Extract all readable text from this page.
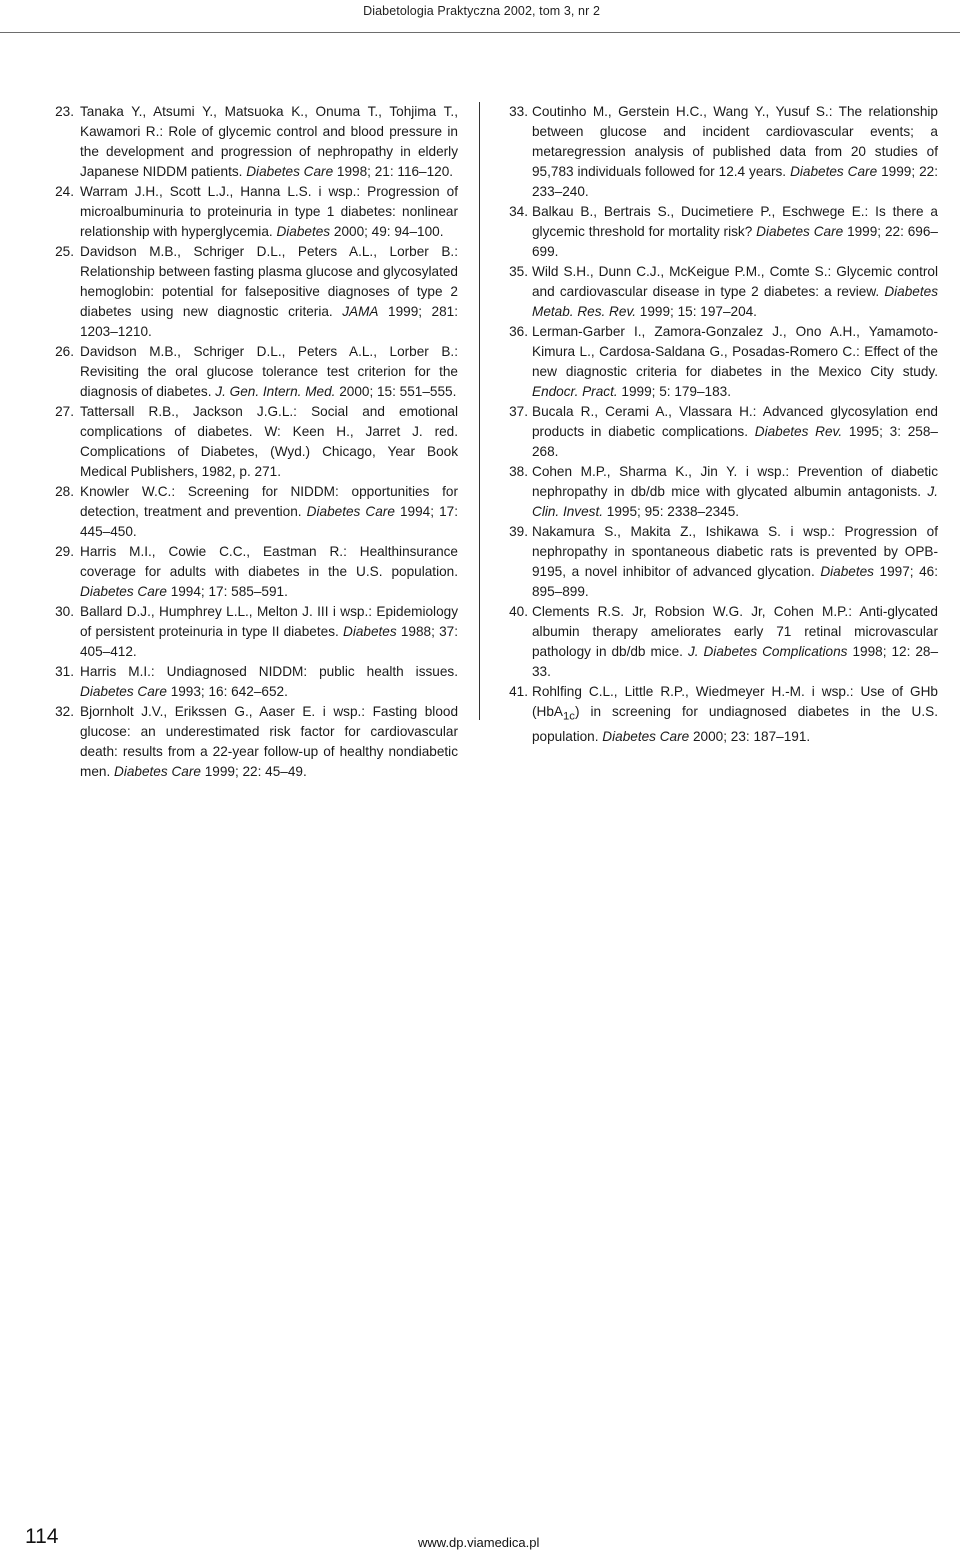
Diabetologia Praktyczna 2002, tom 3, nr 2

23. Tanaka Y., Atsumi Y., Matsuoka K., Onuma T., Tohjima T., Kawamori R.: Role of glycemic control and blood pressure in the development and progression of nephropathy in elderly Japanese NIDDM patients. Diabetes Care 1998; 21: 116–120.

24. Warram J.H., Scott L.J., Hanna L.S. i wsp.: Progression of microalbuminuria to proteinuria in type 1 diabetes: nonlinear relationship with hyperglycemia. Diabetes 2000; 49: 94–100.

25. Davidson M.B., Schriger D.L., Peters A.L., Lorber B.: Relationship between fasting plasma glucose and glycosylated hemoglobin: potential for falsepositive diagnoses of type 2 diabetes using new diagnostic criteria. JAMA 1999; 281: 1203–1210.

26. Davidson M.B., Schriger D.L., Peters A.L., Lorber B.: Revisiting the oral glucose tolerance test criterion for the diagnosis of diabetes. J. Gen. Intern. Med. 2000; 15: 551–555.

27. Tattersall R.B., Jackson J.G.L.: Social and emotional complications of diabetes. W: Keen H., Jarret J. red. Complications of Diabetes, (Wyd.) Chicago, Year Book Medical Publishers, 1982, p. 271.

28. Knowler W.C.: Screening for NIDDM: opportunities for detection, treatment and prevention. Diabetes Care 1994; 17: 445–450.

29. Harris M.I., Cowie C.C., Eastman R.: Healthinsurance coverage for adults with diabetes in the U.S. population. Diabetes Care 1994; 17: 585–591.

30. Ballard D.J., Humphrey L.L., Melton J. III i wsp.: Epidemiology of persistent proteinuria in type II diabetes. Diabetes 1988; 37: 405–412.

31. Harris M.I.: Undiagnosed NIDDM: public health issues. Diabetes Care 1993; 16: 642–652.

32. Bjornholt J.V., Erikssen G., Aaser E. i wsp.: Fasting blood glucose: an underestimated risk factor for cardiovascular death: results from a 22-year follow-up of healthy nondiabetic men. Diabetes Care 1999; 22: 45–49.

33. Coutinho M., Gerstein H.C., Wang Y., Yusuf S.: The relationship between glucose and incident cardiovascular events; a metaregression analysis of published data from 20 studies of 95,783 individuals followed for 12.4 years. Diabetes Care 1999; 22: 233–240.

34. Balkau B., Bertrais S., Ducimetiere P., Eschwege E.: Is there a glycemic threshold for mortality risk? Diabetes Care 1999; 22: 696–699.

35. Wild S.H., Dunn C.J., McKeigue P.M., Comte S.: Glycemic control and cardiovascular disease in type 2 diabetes: a review. Diabetes Metab. Res. Rev. 1999; 15: 197–204.

36. Lerman-Garber I., Zamora-Gonzalez J., Ono A.H., Yamamoto-Kimura L., Cardosa-Saldana G., Posadas-Romero C.: Effect of the new diagnostic criteria for diabetes in the Mexico City study. Endocr. Pract. 1999; 5: 179–183.

37. Bucala R., Cerami A., Vlassara H.: Advanced glycosylation end products in diabetic complications. Diabetes Rev. 1995; 3: 258–268.

38. Cohen M.P., Sharma K., Jin Y. i wsp.: Prevention of diabetic nephropathy in db/db mice with glycated albumin antagonists. J. Clin. Invest. 1995; 95: 2338–2345.

39. Nakamura S., Makita Z., Ishikawa S. i wsp.: Progression of nephropathy in spontaneous diabetic rats is prevented by OPB-9195, a novel inhibitor of advanced glycation. Diabetes 1997; 46: 895–899.

40. Clements R.S. Jr, Robsion W.G. Jr, Cohen M.P.: Anti-glycated albumin therapy ameliorates early 71 retinal microvascular pathology in db/db mice. J. Diabetes Complications 1998; 12: 28–33.

41. Rohlfing C.L., Little R.P., Wiedmeyer H.-M. i wsp.: Use of GHb (HbA$_{1c}$) in screening for undiagnosed diabetes in the U.S. population. Diabetes Care 2000; 23: 187–191.

114	www.dp.viamedica.pl
